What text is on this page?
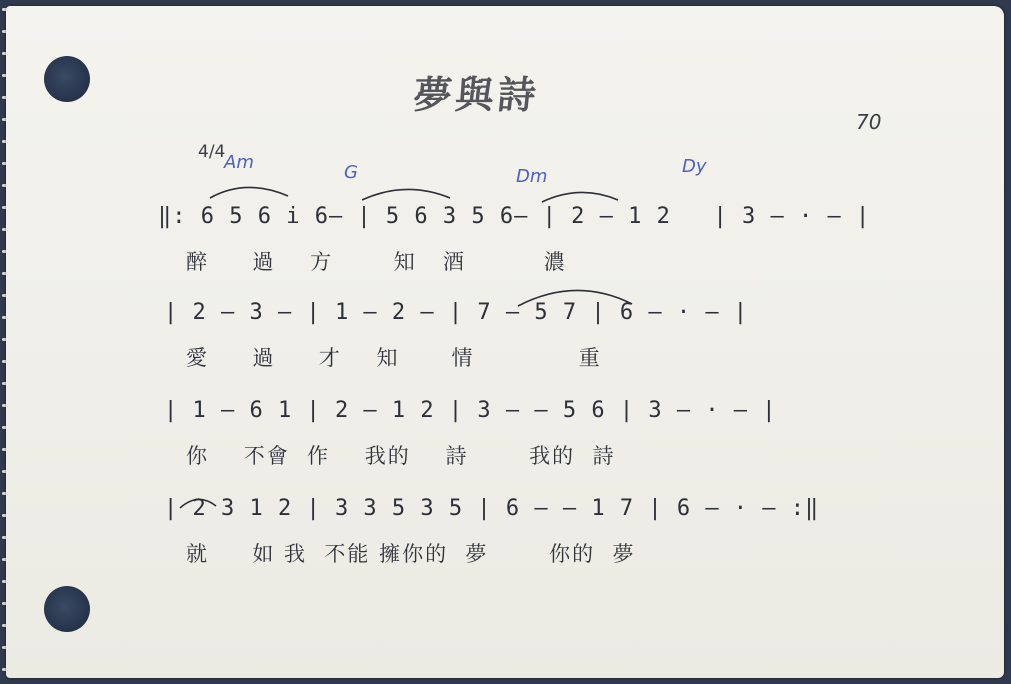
夢與詩
70
4/4
Am	G	Dm	Dy
‖: 6 5 6 i 6— | 5 6 3 5 6— | 2 — 1 2   | 3 — · — |
醉     過    方       知   酒         濃
| 2 — 3 — | 1 — 2 — | 7 — 5 7 | 6 — · — |
愛     過     才    知      情            重
| 1 — 6 1 | 2 — 1 2 | 3 — — 5 6 | 3 — · — |
你    不會  作    我的    詩       我的  詩
| 2 3 1 2 | 3 3 5 3 5 | 6 — — 1 7 | 6 — · — :‖
就     如 我  不能 擁你的  夢       你的  夢
